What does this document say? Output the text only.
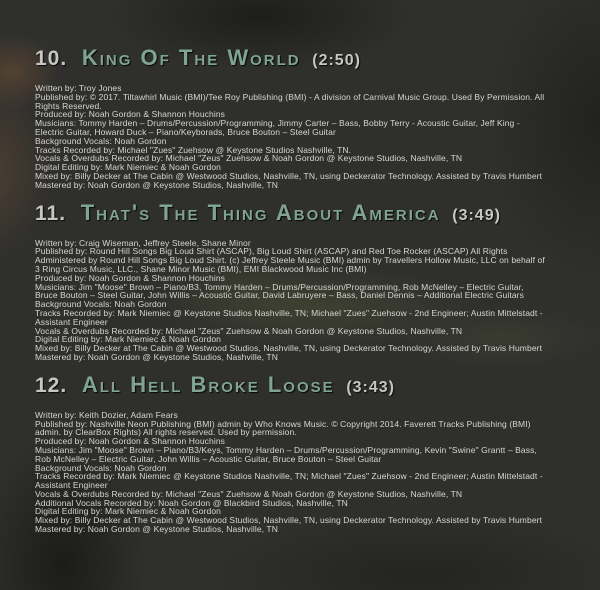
10. King Of The World (2:50)

Written by: Troy Jones

Published by: © 2017. Tiltawhirl Music (BMI)/Tee Roy Publishing (BMI) - A division of Carnival Music Group. Used By Permission. All Rights Reserved.

Produced by: Noah Gordon & Shannon Houchins

Musicians: Tommy Harden – Drums/Percussion/Programming, Jimmy Carter – Bass, Bobby Terry - Acoustic Guitar, Jeff King - Electric Guitar, Howard Duck – Piano/Keyborads, Bruce Bouton – Steel Guitar

Background Vocals: Noah Gordon

Tracks Recorded by: Michael "Zues" Zuehsow @ Keystone Studios Nashville, TN.

Vocals & Overdubs Recorded by: Michael "Zeus" Zuehsow & Noah Gordon @ Keystone Studios, Nashville, TN

Digital Editing by: Mark Niemiec & Noah Gordon

Mixed by: Billy Decker at The Cabin @ Westwood Studios, Nashville, TN, using Deckerator Technology. Assisted by Travis Humbert

Mastered by: Noah Gordon @ Keystone Studios, Nashville, TN

11. That's The Thing About America (3:49)

Written by: Craig Wiseman, Jeffrey Steele, Shane Minor

Published by: Round Hill Songs Big Loud Shirt (ASCAP), Big Loud Shirt (ASCAP) and Red Toe Rocker (ASCAP) All Rights Administered by Round Hill Songs Big Loud Shirt. (c) Jeffrey Steele Music (BMI) admin by Travellers Hollow Music, LLC on behalf of 3 Ring Circus Music, LLC., Shane Minor Music (BMI), EMI Blackwood Music Inc (BMI)

Produced by: Noah Gordon & Shannon Houchins

Musicians: Jim "Moose" Brown – Piano/B3, Tommy Harden – Drums/Percussion/Programming, Rob McNelley – Electric Guitar, Bruce Bouton – Steel Guitar, John Willis – Acoustic Guitar, David Labruyere – Bass, Daniel Dennis – Additional Electric Guitars

Background Vocals: Noah Gordon

Tracks Recorded by: Mark Niemiec @ Keystone Studios Nashville, TN; Michael "Zues" Zuehsow - 2nd Engineer; Austin Mittelstadt - Assistant Engineer

Vocals & Overdubs Recorded by: Michael "Zeus" Zuehsow & Noah Gordon @ Keystone Studios, Nashville, TN

Digital Editing by: Mark Niemiec & Noah Gordon

Mixed by: Billy Decker at The Cabin @ Westwood Studios, Nashville, TN, using Deckerator Technology. Assisted by Travis Humbert

Mastered by: Noah Gordon @ Keystone Studios, Nashville, TN

12. All Hell Broke Loose (3:43)

Written by: Keith Dozier, Adam Fears

Published by: Nashville Neon Publishing (BMI) admin by Who Knows Music. © Copyright 2014. Faverett Tracks Publishing (BMI) admin. by ClearBox Rights) All rights reserved. Used by permission.

Produced by: Noah Gordon & Shannon Houchins

Musicians: Jim "Moose" Brown – Piano/B3/Keys, Tommy Harden – Drums/Percussion/Programming, Kevin "Swine" Grantt – Bass, Rob McNelley – Electric Guitar, John Willis – Acoustic Guitar, Bruce Bouton – Steel Guitar

Background Vocals: Noah Gordon

Tracks Recorded by: Mark Niemiec @ Keystone Studios Nashville, TN; Michael "Zues" Zuehsow - 2nd Engineer; Austin Mittelstadt - Assistant Engineer

Vocals & Overdubs Recorded by: Michael "Zeus" Zuehsow & Noah Gordon @ Keystone Studios, Nashville, TN

Additional Vocals Recorded by: Noah Gordon @ Blackbird Studios, Nashville, TN

Digital Editing by: Mark Niemiec & Noah Gordon

Mixed by: Billy Decker at The Cabin @ Westwood Studios, Nashville, TN, using Deckerator Technology. Assisted by Travis Humbert

Mastered by: Noah Gordon @ Keystone Studios, Nashville, TN
